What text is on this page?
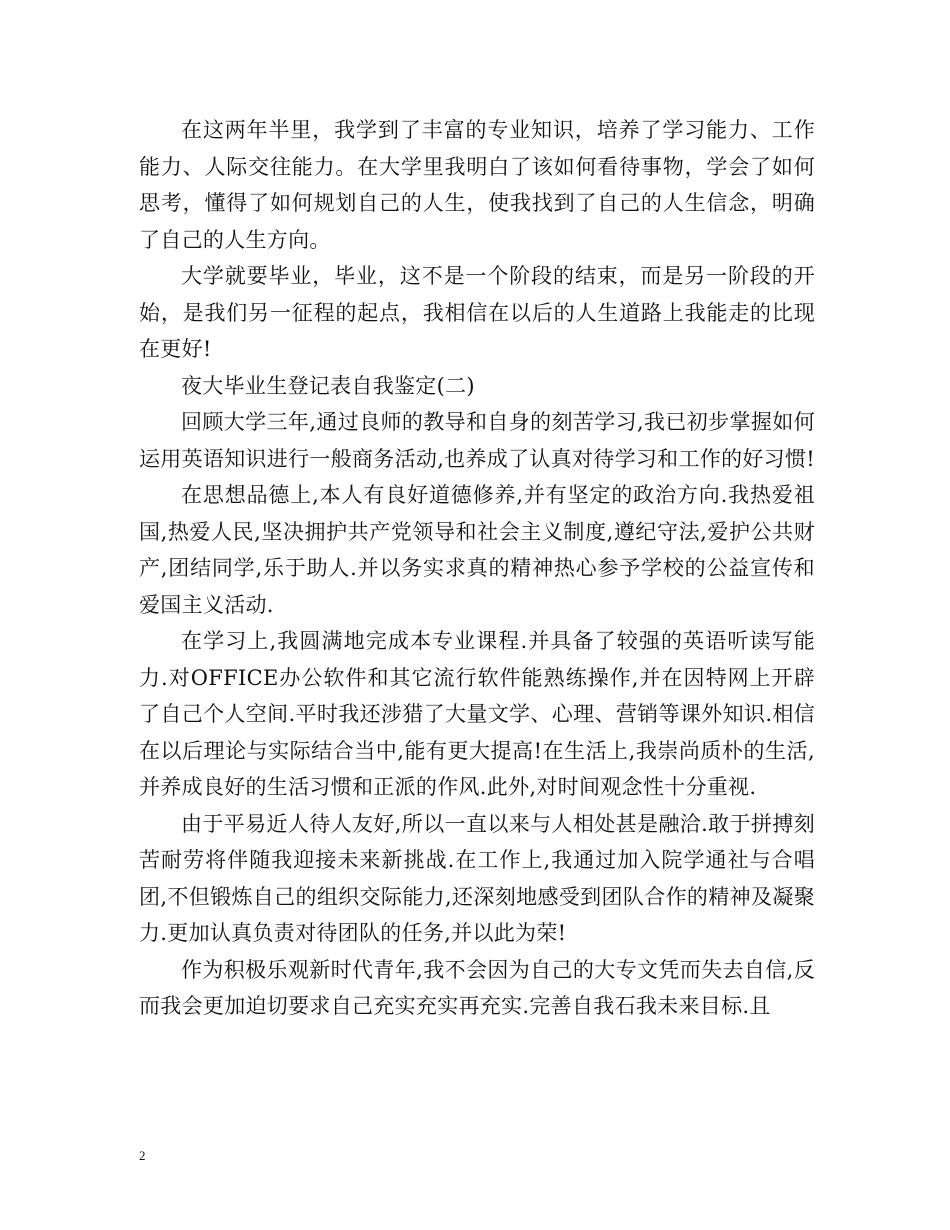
在这两年半里，我学到了丰富的专业知识，培养了学习能力、工作能力、人际交往能力。在大学里我明白了该如何看待事物，学会了如何思考，懂得了如何规划自己的人生，使我找到了自己的人生信念，明确了自己的人生方向。

大学就要毕业，毕业，这不是一个阶段的结束，而是另一阶段的开始，是我们另一征程的起点，我相信在以后的人生道路上我能走的比现在更好!

夜大毕业生登记表自我鉴定(二)

回顾大学三年,通过良师的教导和自身的刻苦学习,我已初步掌握如何运用英语知识进行一般商务活动,也养成了认真对待学习和工作的好习惯!

在思想品德上,本人有良好道德修养,并有坚定的政治方向.我热爱祖国,热爱人民,坚决拥护共产党领导和社会主义制度,遵纪守法,爱护公共财产,团结同学,乐于助人.并以务实求真的精神热心参予学校的公益宣传和爱国主义活动.

在学习上,我圆满地完成本专业课程.并具备了较强的英语听读写能力.对OFFICE办公软件和其它流行软件能熟练操作,并在因特网上开辟了自己个人空间.平时我还涉猎了大量文学、心理、营销等课外知识.相信在以后理论与实际结合当中,能有更大提高!在生活上,我崇尚质朴的生活,并养成良好的生活习惯和正派的作风.此外,对时间观念性十分重视.

由于平易近人待人友好,所以一直以来与人相处甚是融洽.敢于拼搏刻苦耐劳将伴随我迎接未来新挑战.在工作上,我通过加入院学通社与合唱团,不但锻炼自己的组织交际能力,还深刻地感受到团队合作的精神及凝聚力.更加认真负责对待团队的任务,并以此为荣!

作为积极乐观新时代青年,我不会因为自己的大专文凭而失去自信,反而我会更加迫切要求自己充实充实再充实.完善自我石我未来目标.且

2
